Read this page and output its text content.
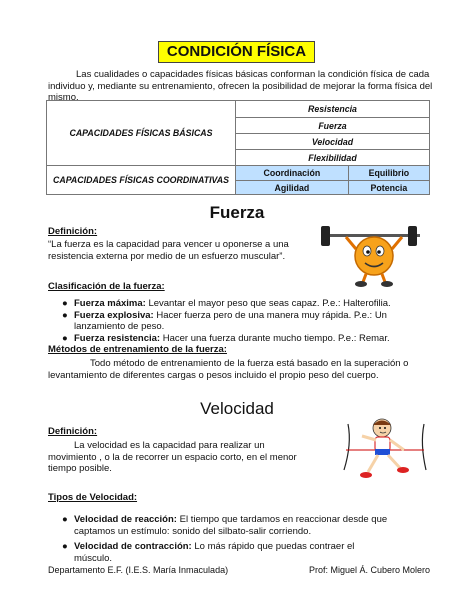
CONDICIÓN FÍSICA
Las cualidades o capacidades físicas básicas conforman la condición física de cada individuo y, mediante su entrenamiento, ofrecen la posibilidad de mejorar la forma física del mismo.
CAPACIDADES FÍSICAS BÁSICAS	Resistencia	
	Fuerza	
	Velocidad	
	Flexibilidad	
CAPACIDADES FÍSICAS COORDINATIVAS	Coordinación	Equilibrio
	Agilidad	Potencia
Fuerza
Definición:
“La fuerza es la capacidad para vencer u oponerse a una resistencia externa por medio de un esfuerzo muscular”.
Clasificación de la fuerza:
● Fuerza máxima: Levantar el mayor peso que seas capaz. P.e.: Halterofilia.
● Fuerza explosiva: Hacer fuerza pero de una manera muy rápida. P.e.: Un lanzamiento de peso.
● Fuerza resistencia: Hacer una fuerza durante mucho tiempo. P.e.: Remar.
Métodos de entrenamiento de la fuerza:
Todo método de entrenamiento de la fuerza está basado en la superación o levantamiento de diferentes cargas o pesos incluido el propio peso del cuerpo.
Velocidad
Definición:
La velocidad es la capacidad para realizar un movimiento , o la de recorrer un espacio corto, en el menor tiempo posible.
Tipos de Velocidad:
● Velocidad de reacción: El tiempo que tardamos en reaccionar desde que captamos un estímulo: sonido del silbato-salir corriendo.
● Velocidad de contracción: Lo más rápido que puedas contraer el músculo.
Departamento E.F. (I.E.S. María Inmaculada)	Prof: Miguel Á. Cubero Molero
